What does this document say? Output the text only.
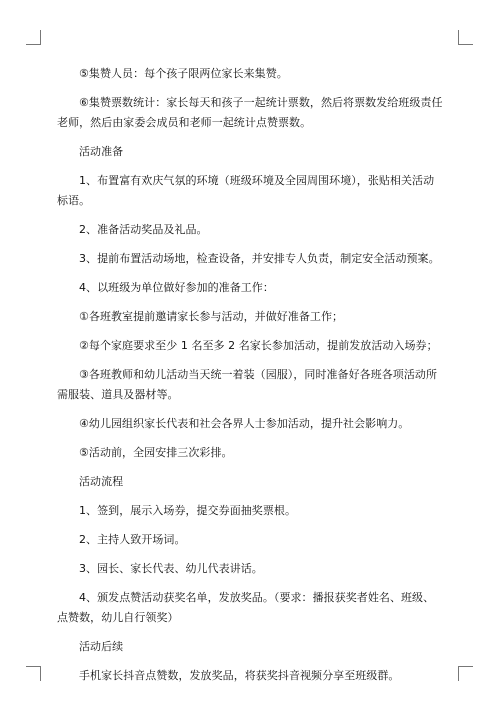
⑤集赞人员：每个孩子限两位家长来集赞。

⑥集赞票数统计：家长每天和孩子一起统计票数，然后将票数发给班级责任老师，然后由家委会成员和老师一起统计点赞票数。

活动准备

1、布置富有欢庆气氛的环境（班级环境及全园周围环境），张贴相关活动标语。

2、准备活动奖品及礼品。

3、提前布置活动场地，检查设备，并安排专人负责，制定安全活动预案。

4、以班级为单位做好参加的准备工作：

①各班教室提前邀请家长参与活动，并做好准备工作；

②每个家庭要求至少 1 名至多 2 名家长参加活动，提前发放活动入场券；

③各班教师和幼儿活动当天统一着装（园服），同时准备好各班各项活动所需服装、道具及器材等。

④幼儿园组织家长代表和社会各界人士参加活动，提升社会影响力。

⑤活动前，全园安排三次彩排。

活动流程

1、签到，展示入场券，提交券面抽奖票根。

2、主持人致开场词。

3、园长、家长代表、幼儿代表讲话。

4、颁发点赞活动获奖名单，发放奖品。（要求：播报获奖者姓名、班级、点赞数，幼儿自行领奖）

活动后续

手机家长抖音点赞数，发放奖品，将获奖抖音视频分享至班级群。
